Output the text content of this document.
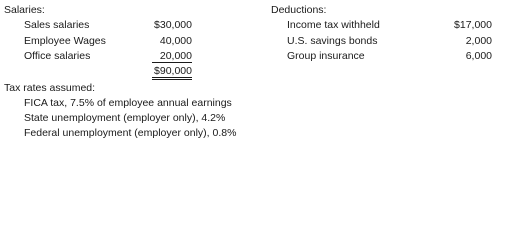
Salaries:
Sales salaries	$30,000
Employee Wages	40,000
Office salaries	20,000
$90,000
Deductions:
Income tax withheld	$17,000
U.S. savings bonds	2,000
Group insurance	6,000
Tax rates assumed:
FICA tax, 7.5% of employee annual earnings
State unemployment (employer only), 4.2%
Federal unemployment (employer only), 0.8%
